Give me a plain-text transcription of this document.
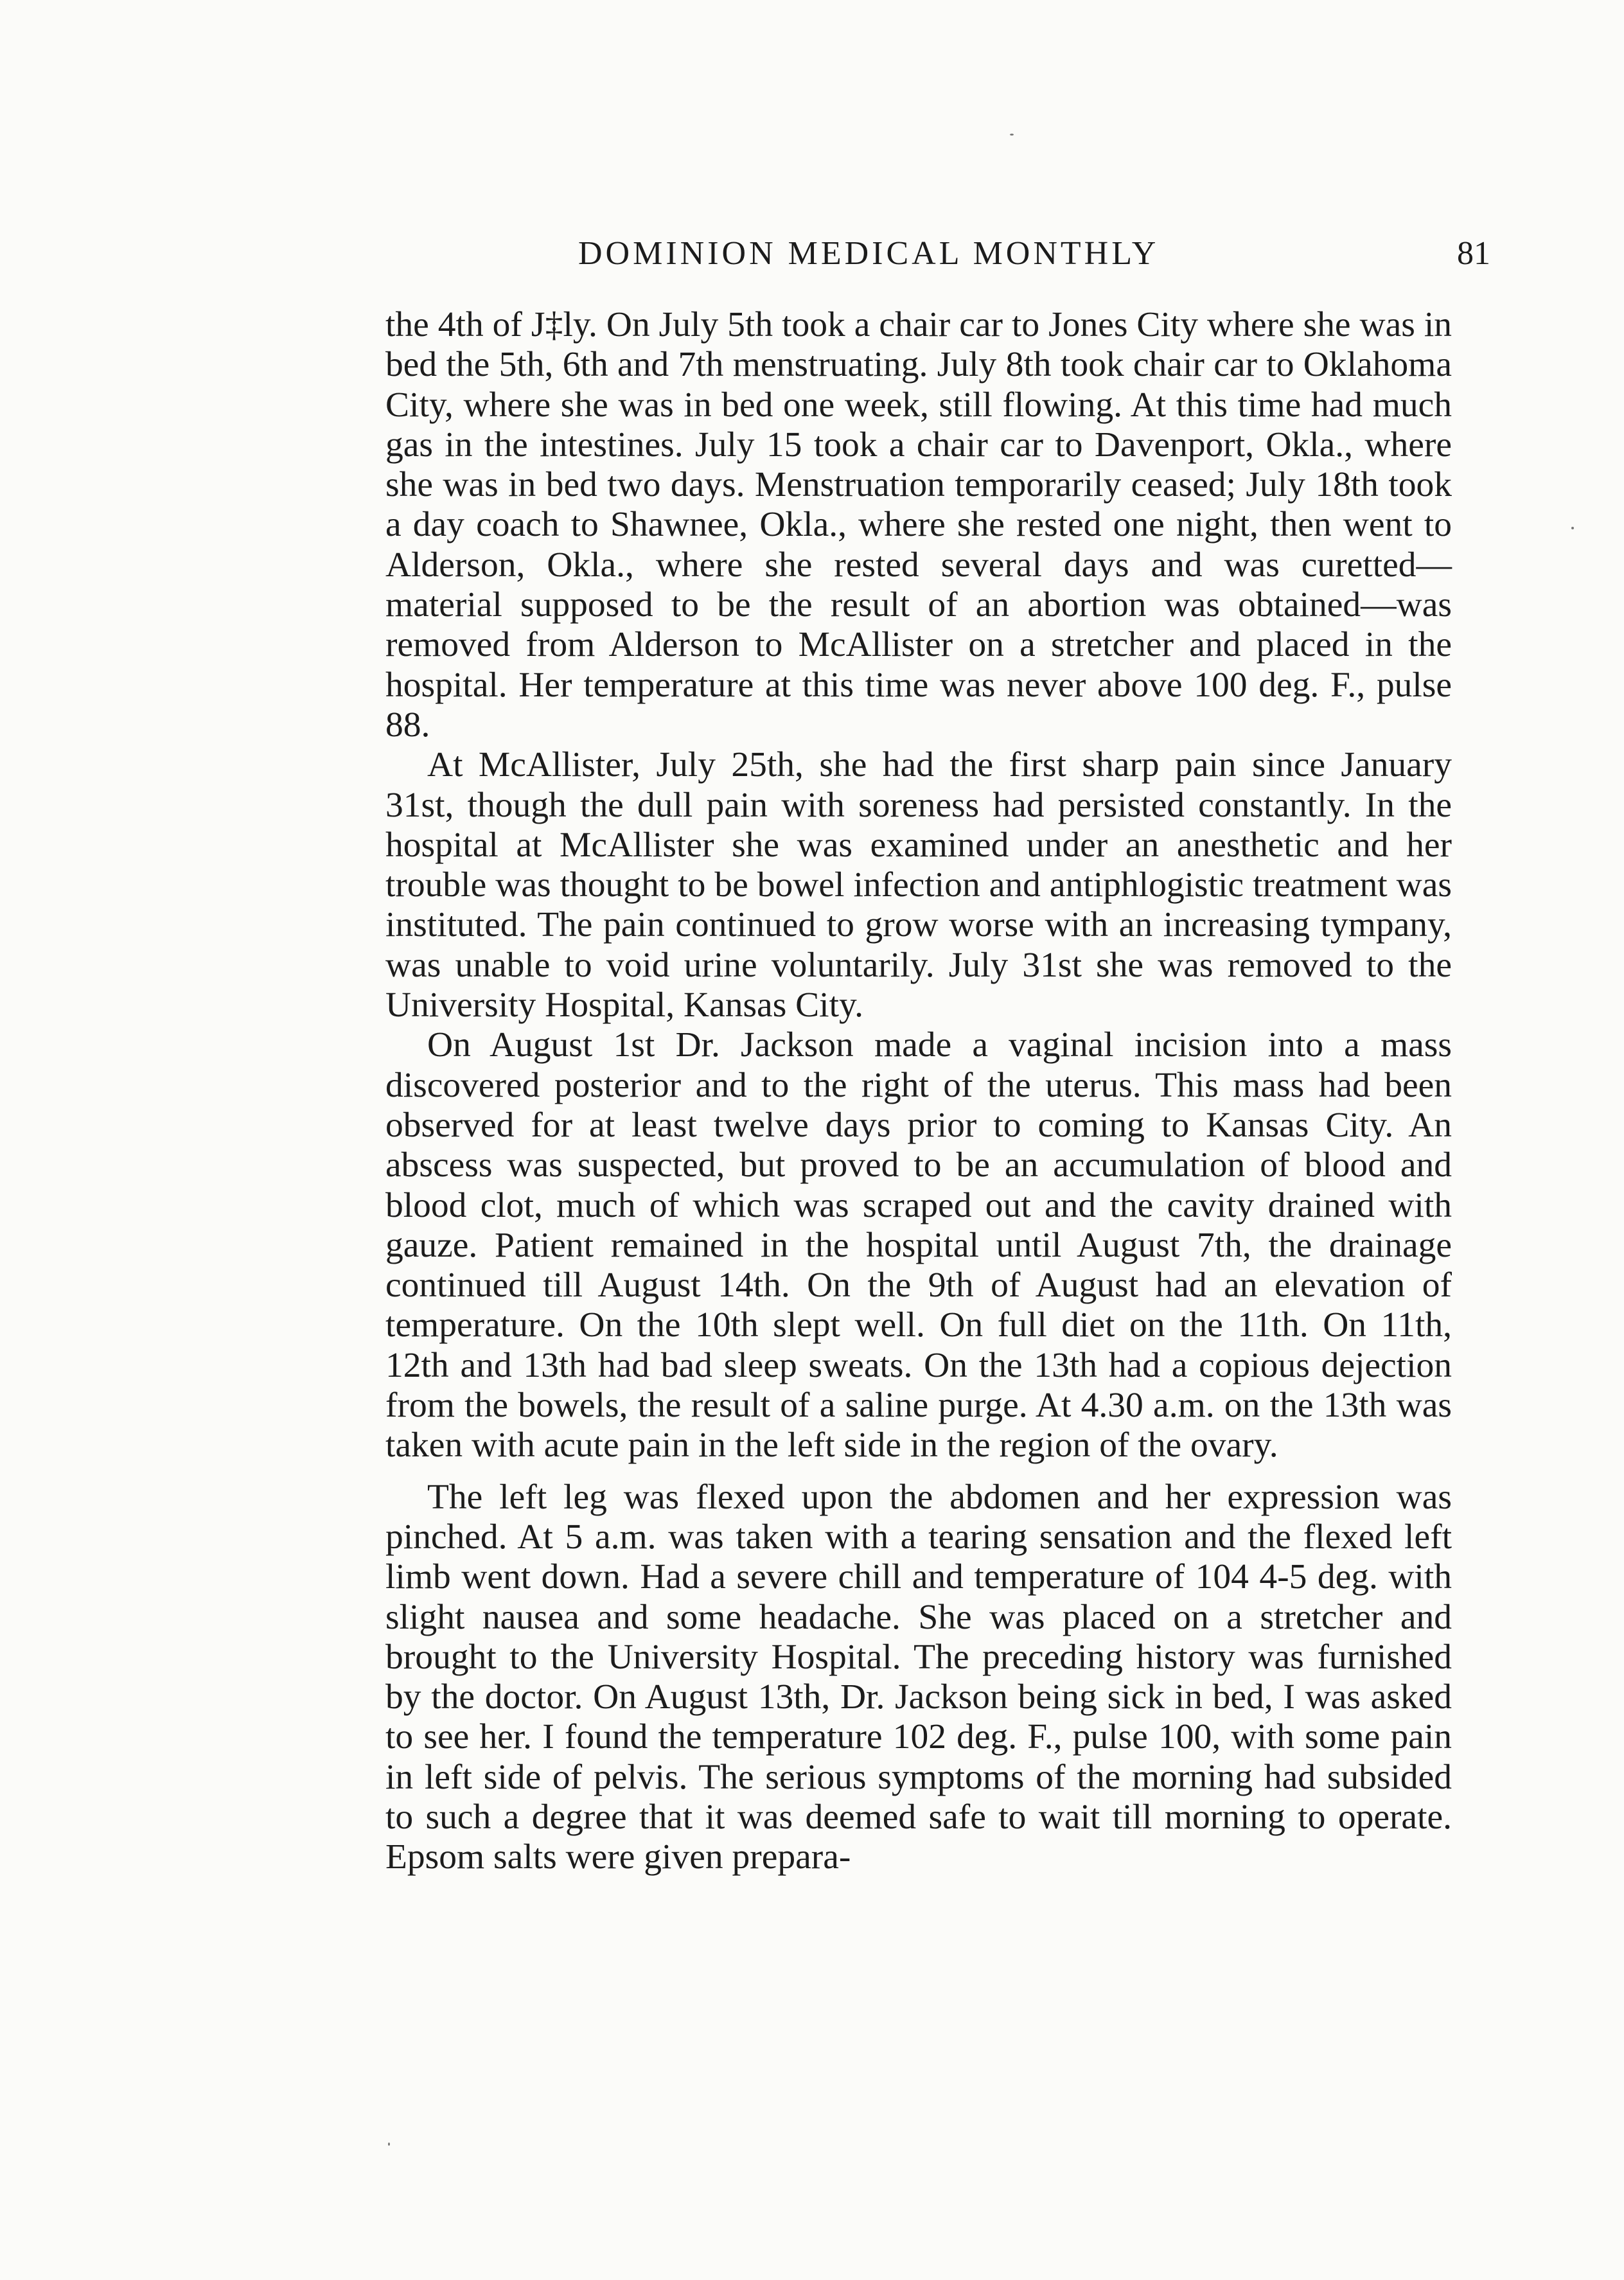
DOMINION MEDICAL MONTHLY	81

the 4th of J‡ly. On July 5th took a chair car to Jones City where she was in bed the 5th, 6th and 7th menstruating. July 8th took chair car to Oklahoma City, where she was in bed one week, still flowing. At this time had much gas in the intestines. July 15 took a chair car to Davenport, Okla., where she was in bed two days. Menstruation temporarily ceased; July 18th took a day coach to Shawnee, Okla., where she rested one night, then went to Alderson, Okla., where she rested several days and was curetted—material supposed to be the result of an abortion was obtained—was removed from Alderson to McAllister on a stretcher and placed in the hospital. Her temperature at this time was never above 100 deg. F., pulse 88.

At McAllister, July 25th, she had the first sharp pain since January 31st, though the dull pain with soreness had persisted constantly. In the hospital at McAllister she was examined under an anesthetic and her trouble was thought to be bowel infection and antiphlogistic treatment was instituted. The pain continued to grow worse with an increasing tympany, was unable to void urine voluntarily. July 31st she was removed to the University Hospital, Kansas City.

On August 1st Dr. Jackson made a vaginal incision into a mass discovered posterior and to the right of the uterus. This mass had been observed for at least twelve days prior to coming to Kansas City. An abscess was suspected, but proved to be an accumulation of blood and blood clot, much of which was scraped out and the cavity drained with gauze. Patient remained in the hospital until August 7th, the drainage continued till August 14th. On the 9th of August had an elevation of temperature. On the 10th slept well. On full diet on the 11th. On 11th, 12th and 13th had bad sleep sweats. On the 13th had a copious dejection from the bowels, the result of a saline purge. At 4.30 a.m. on the 13th was taken with acute pain in the left side in the region of the ovary.

The left leg was flexed upon the abdomen and her expression was pinched. At 5 a.m. was taken with a tearing sensation and the flexed left limb went down. Had a severe chill and temperature of 104 4-5 deg. with slight nausea and some headache. She was placed on a stretcher and brought to the University Hospital. The preceding history was furnished by the doctor. On August 13th, Dr. Jackson being sick in bed, I was asked to see her. I found the temperature 102 deg. F., pulse 100, with some pain in left side of pelvis. The serious symptoms of the morning had subsided to such a degree that it was deemed safe to wait till morning to operate. Epsom salts were given prepara-
